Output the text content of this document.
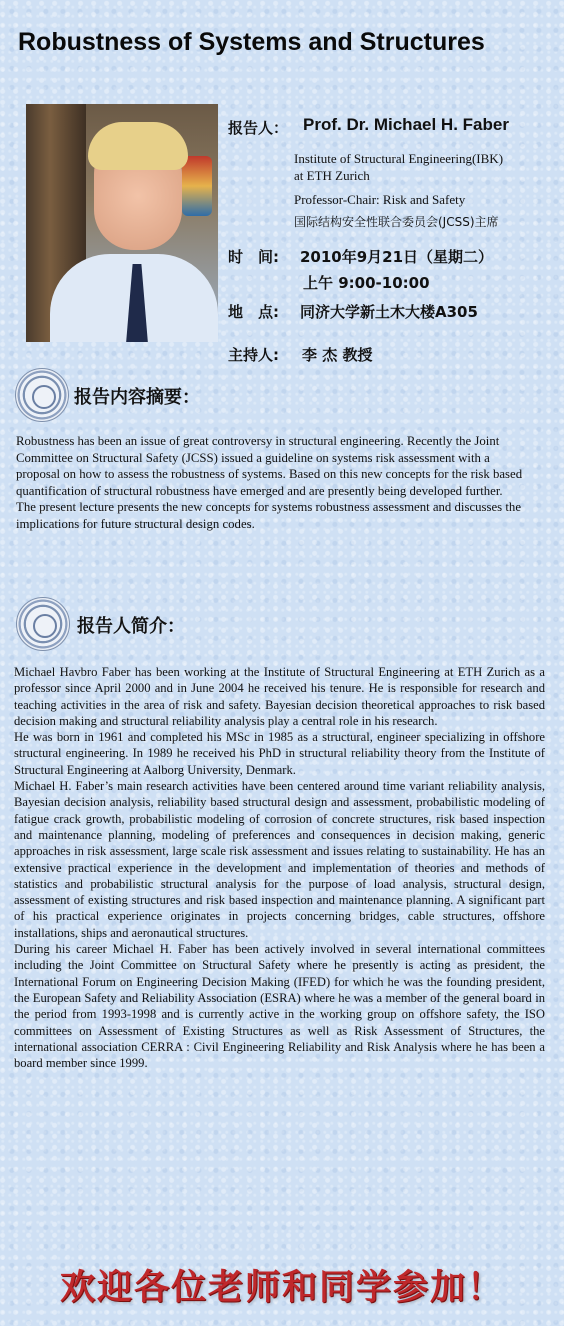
Robustness of Systems and Structures
报告人： Prof. Dr. Michael H. Faber
Institute of Structural Engineering(IBK)
at ETH Zurich
Professor-Chair: Risk and Safety
国际结构安全性联合委员会(JCSS)主席
时　间: 2010年9月21日（星期二）
上午 9:00-10:00
地　点: 同济大学新土木大楼A305
主持人: 李 杰 教授
报告内容摘要：
Robustness has been an issue of great controversy in structural engineering. Recently the Joint Committee on Structural Safety (JCSS) issued a guideline on systems risk assessment with a proposal on how to assess the robustness of systems. Based on this new concepts for the risk based quantification of structural robustness have emerged and are presently being developed further. The present lecture presents the new concepts for systems robustness assessment and discusses the implications for future structural design codes.
报告人简介：

Michael Havbro Faber has been working at the Institute of Structural Engineering at ETH Zurich as a professor since April 2000 and in June 2004 he received his tenure. He is responsible for research and teaching activities in the area of risk and safety. Bayesian decision theoretical approaches to risk based decision making and structural reliability analysis play a central role in his research.

He was born in 1961 and completed his MSc in 1985 as a structural, engineer specializing in offshore structural engineering. In 1989 he received his PhD in structural reliability theory from the Institute of Structural Engineering at Aalborg University, Denmark.

Michael H. Faber’s main research activities have been centered around time variant reliability analysis, Bayesian decision analysis, reliability based structural design and assessment, probabilistic modeling of fatigue crack growth, probabilistic modeling of corrosion of concrete structures, risk based inspection and maintenance planning, modeling of preferences and consequences in decision making, generic approaches in risk assessment, large scale risk assessment and issues relating to sustainability. He has an extensive practical experience in the development and implementation of theories and methods of statistics and probabilistic structural analysis for the purpose of load analysis, structural design, assessment of existing structures and risk based inspection and maintenance planning. A significant part of his practical experience originates in projects concerning bridges, cable structures, offshore installations, ships and aeronautical structures.

During his career Michael H. Faber has been actively involved in several international committees including the Joint Committee on Structural Safety where he presently is acting as president, the International Forum on Engineering Decision Making (IFED) for which he was the founding president, the European Safety and Reliability Association (ESRA) where he was a member of the general board in the period from 1993-1998 and is currently active in the working group on offshore safety, the ISO committees on Assessment of Existing Structures as well as Risk Assessment of Structures, the international association CERRA : Civil Engineering Reliability and Risk Analysis where he has been a board member since 1999.

欢迎各位老师和同学参加！
